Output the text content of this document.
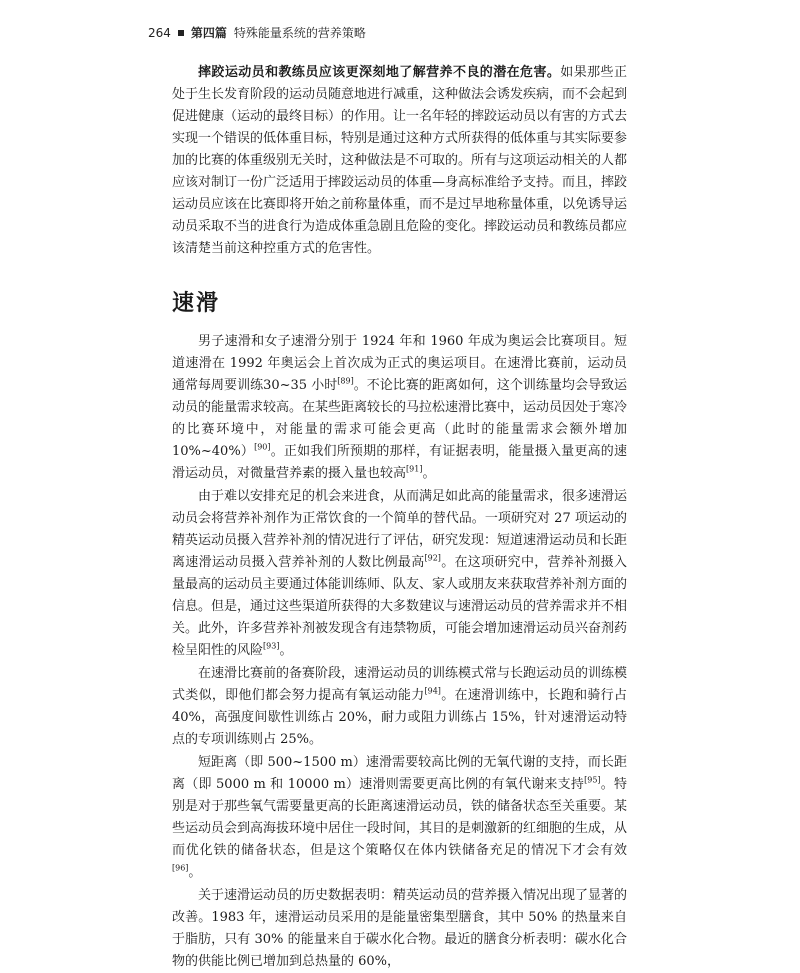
264 第四篇 特殊能量系统的营养策略

摔跤运动员和教练员应该更深刻地了解营养不良的潜在危害。如果那些正处于生长发育阶段的运动员随意地进行减重，这种做法会诱发疾病，而不会起到促进健康（运动的最终目标）的作用。让一名年轻的摔跤运动员以有害的方式去实现一个错误的低体重目标，特别是通过这种方式所获得的低体重与其实际要参加的比赛的体重级别无关时，这种做法是不可取的。所有与这项运动相关的人都应该对制订一份广泛适用于摔跤运动员的体重—身高标准给予支持。而且，摔跤运动员应该在比赛即将开始之前称量体重，而不是过早地称量体重，以免诱导运动员采取不当的进食行为造成体重急剧且危险的变化。摔跤运动员和教练员都应该清楚当前这种控重方式的危害性。

速滑

男子速滑和女子速滑分别于 1924 年和 1960 年成为奥运会比赛项目。短道速滑在 1992 年奥运会上首次成为正式的奥运项目。在速滑比赛前，运动员通常每周要训练30~35 小时[89]。不论比赛的距离如何，这个训练量均会导致运动员的能量需求较高。在某些距离较长的马拉松速滑比赛中，运动员因处于寒冷的比赛环境中，对能量的需求可能会更高（此时的能量需求会额外增加 10%~40%）[90]。正如我们所预期的那样，有证据表明，能量摄入量更高的速滑运动员，对微量营养素的摄入量也较高[91]。

由于难以安排充足的机会来进食，从而满足如此高的能量需求，很多速滑运动员会将营养补剂作为正常饮食的一个简单的替代品。一项研究对 27 项运动的精英运动员摄入营养补剂的情况进行了评估，研究发现：短道速滑运动员和长距离速滑运动员摄入营养补剂的人数比例最高[92]。在这项研究中，营养补剂摄入量最高的运动员主要通过体能训练师、队友、家人或朋友来获取营养补剂方面的信息。但是，通过这些渠道所获得的大多数建议与速滑运动员的营养需求并不相关。此外，许多营养补剂被发现含有违禁物质，可能会增加速滑运动员兴奋剂药检呈阳性的风险[93]。

在速滑比赛前的备赛阶段，速滑运动员的训练模式常与长跑运动员的训练模式类似，即他们都会努力提高有氧运动能力[94]。在速滑训练中，长跑和骑行占 40%，高强度间歇性训练占 20%，耐力或阻力训练占 15%，针对速滑运动特点的专项训练则占 25%。

短距离（即 500~1500 m）速滑需要较高比例的无氧代谢的支持，而长距离（即 5000 m 和 10000 m）速滑则需要更高比例的有氧代谢来支持[95]。特别是对于那些氧气需要量更高的长距离速滑运动员，铁的储备状态至关重要。某些运动员会到高海拔环境中居住一段时间，其目的是刺激新的红细胞的生成，从而优化铁的储备状态，但是这个策略仅在体内铁储备充足的情况下才会有效[96]。

关于速滑运动员的历史数据表明：精英运动员的营养摄入情况出现了显著的改善。1983 年，速滑运动员采用的是能量密集型膳食，其中 50% 的热量来自于脂肪，只有 30% 的能量来自于碳水化合物。最近的膳食分析表明：碳水化合物的供能比例已增加到总热量的 60%，
